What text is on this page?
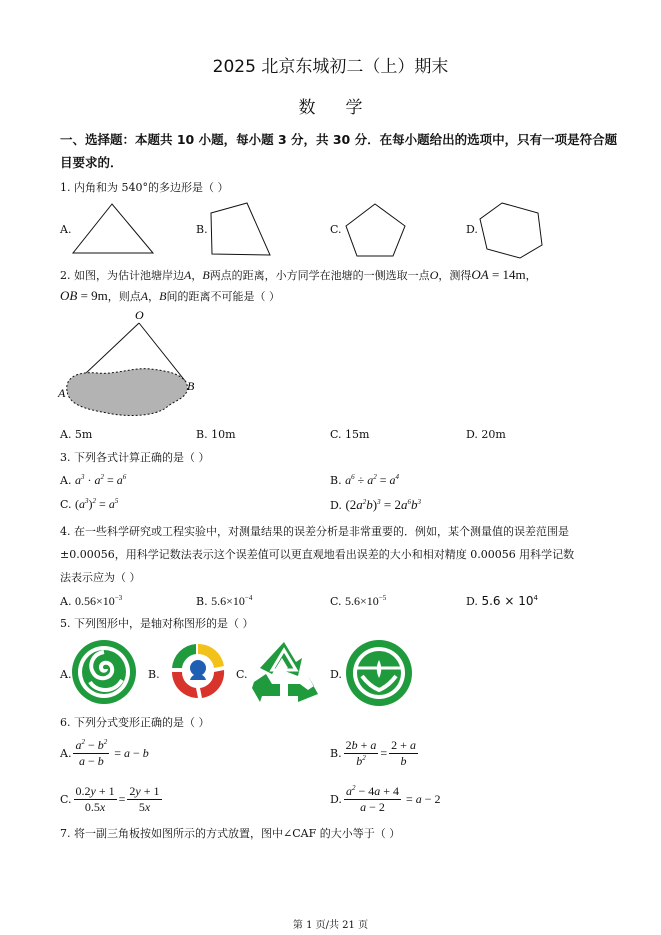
2025 北京东城初二（上）期末
数学
一、选择题：本题共 10 小题，每小题 3 分，共 30 分．在每小题给出的选项中，只有一项是符合题目要求的．
1. 内角和为 540°的多边形是（ ）
A.	B.	C.	D.
2. 如图，为估计池塘岸边A，B两点的距离，小方同学在池塘的一侧选取一点O，测得OA = 14m，
OB = 9m，则点A，B间的距离不可能是（ ）
O
A	B
A. 5m	B. 10m	C. 15m	D. 20m
3. 下列各式计算正确的是（ ）
A. $a^3 \cdot a^2 = a^6$	B. $a^6 \div a^2 = a^4$
C. $(a^3)^2 = a^5$	D. $(2a^2b)^3 = 2a^6b^3$
4. 在一些科学研究或工程实验中，对测量结果的误差分析是非常重要的．例如，某个测量值的误差范围是
±0.00056，用科学记数法表示这个误差值可以更直观地看出误差的大小和相对精度 0.00056 用科学记数
法表示应为（ ）
A. $0.56\times 10^{-3}$	B. $5.6\times 10^{-4}$	C. $5.6\times 10^{-5}$	D. $5.6 \times 10^4$
5. 下列图形中，是轴对称图形的是（ ）
A.	B.	C.	D.
6. 下列分式变形正确的是（ ）
A. $\frac{a^2 - b^2}{a - b} = a - b$	B. $\frac{2b + a}{b^2} = \frac{2 + a}{b}$
C. $\frac{0.2y + 1}{0.5x} = \frac{2y + 1}{5x}$	D. $\frac{a^2 - 4a + 4}{a - 2} = a - 2$
7. 将一副三角板按如图所示的方式放置，图中∠CAF 的大小等于（ ）
第 1 页/共 21 页
